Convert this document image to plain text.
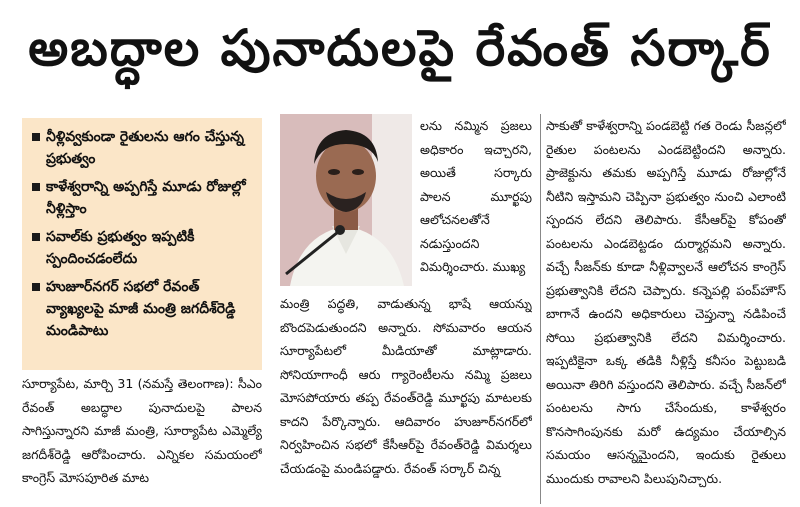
అబద్ధాల పునాదులపై రేవంత్ సర్కార్
నీళ్లివ్వకుండా రైతులను ఆగం చేస్తున్న ప్రభుత్వం
కాళేశ్వరాన్ని అప్పగిస్తే మూడు రోజుల్లో నీళ్లిస్తాం
సవాల్‌కు ప్రభుత్వం ఇప్పటికీ స్పందించడంలేదు
హుజూర్‌నగర్ సభలో రేవంత్ వ్యాఖ్యలపై మాజీ మంత్రి జగదీశ్‌రెడ్డి మండిపాటు

లను నమ్మిన ప్రజలు అధికారం ఇచ్చారని, అయితే సర్కారు పాలన మూర్ఖపు ఆలోచనలతోనే నడుస్తుందని విమర్శించారు. ముఖ్య

సూర్యాపేట, మార్చి 31 (నమస్తే తెలంగాణ): సీఎం రేవంత్ అబద్ధాల పునాదులపై పాలన సాగిస్తున్నారని మాజీ మంత్రి, సూర్యాపేట ఎమ్మెల్యే జగదీశ్‌రెడ్డి ఆరోపించారు. ఎన్నికల సమయంలో కాంగ్రెస్ మోసపూరిత మాట

మంత్రి పద్ధతి, వాడుతున్న భాషే ఆయన్ను బొందపెడుతుందని అన్నారు. సోమవారం ఆయన సూర్యాపేటలో మీడియాతో మాట్లాడారు. సోనియాగాంధీ ఆరు గ్యారెంటీలను నమ్మి ప్రజలు మోసపోయారు తప్ప రేవంత్‌రెడ్డి మూర్ఖపు మాటలకు కాదని పేర్కొన్నారు. ఆదివారం హుజూర్‌నగర్‌లో నిర్వహించిన సభలో కేసీఆర్‌పై రేవంత్‌రెడ్డి విమర్శలు చేయడంపై మండిపడ్డారు. రేవంత్ సర్కార్ చిన్న

సాకుతో కాళేశ్వరాన్ని పండబెట్టి గత రెండు సీజన్లలో రైతుల పంటలను ఎండబెట్టిందని అన్నారు. ప్రాజెక్టును తమకు అప్పగిస్తే మూడు రోజుల్లోనే నీటిని ఇస్తామని చెప్పినా ప్రభుత్వం నుంచి ఎలాంటి స్పందన లేదని తెలిపారు. కేసీఆర్‌పై కోపంతో పంటలను ఎండబెట్టడం దుర్మార్గమని అన్నారు. వచ్చే సీజన్‌కు కూడా నీళ్లివ్వాలనే ఆలోచన కాంగ్రెస్ ప్రభుత్వానికి లేదని చెప్పారు. కన్నెపల్లి పంప్‌హౌస్ బాగానే ఉందని అధికారులు చెప్తున్నా నడిపించే సోయి ప్రభుత్వానికి లేదని విమర్శించారు. ఇప్పటికైనా ఒక్క తడికి నీళ్లిస్తే కనీసం పెట్టుబడి అయినా తిరిగి వస్తుందని తెలిపారు. వచ్చే సీజన్‌లో పంటలను సాగు చేసేందుకు, కాళేశ్వరం కొనసాగింపునకు మరో ఉద్యమం చేయాల్సిన సమయం ఆసన్నమైందని, ఇందుకు రైతులు ముందుకు రావాలని పిలుపునిచ్చారు.
